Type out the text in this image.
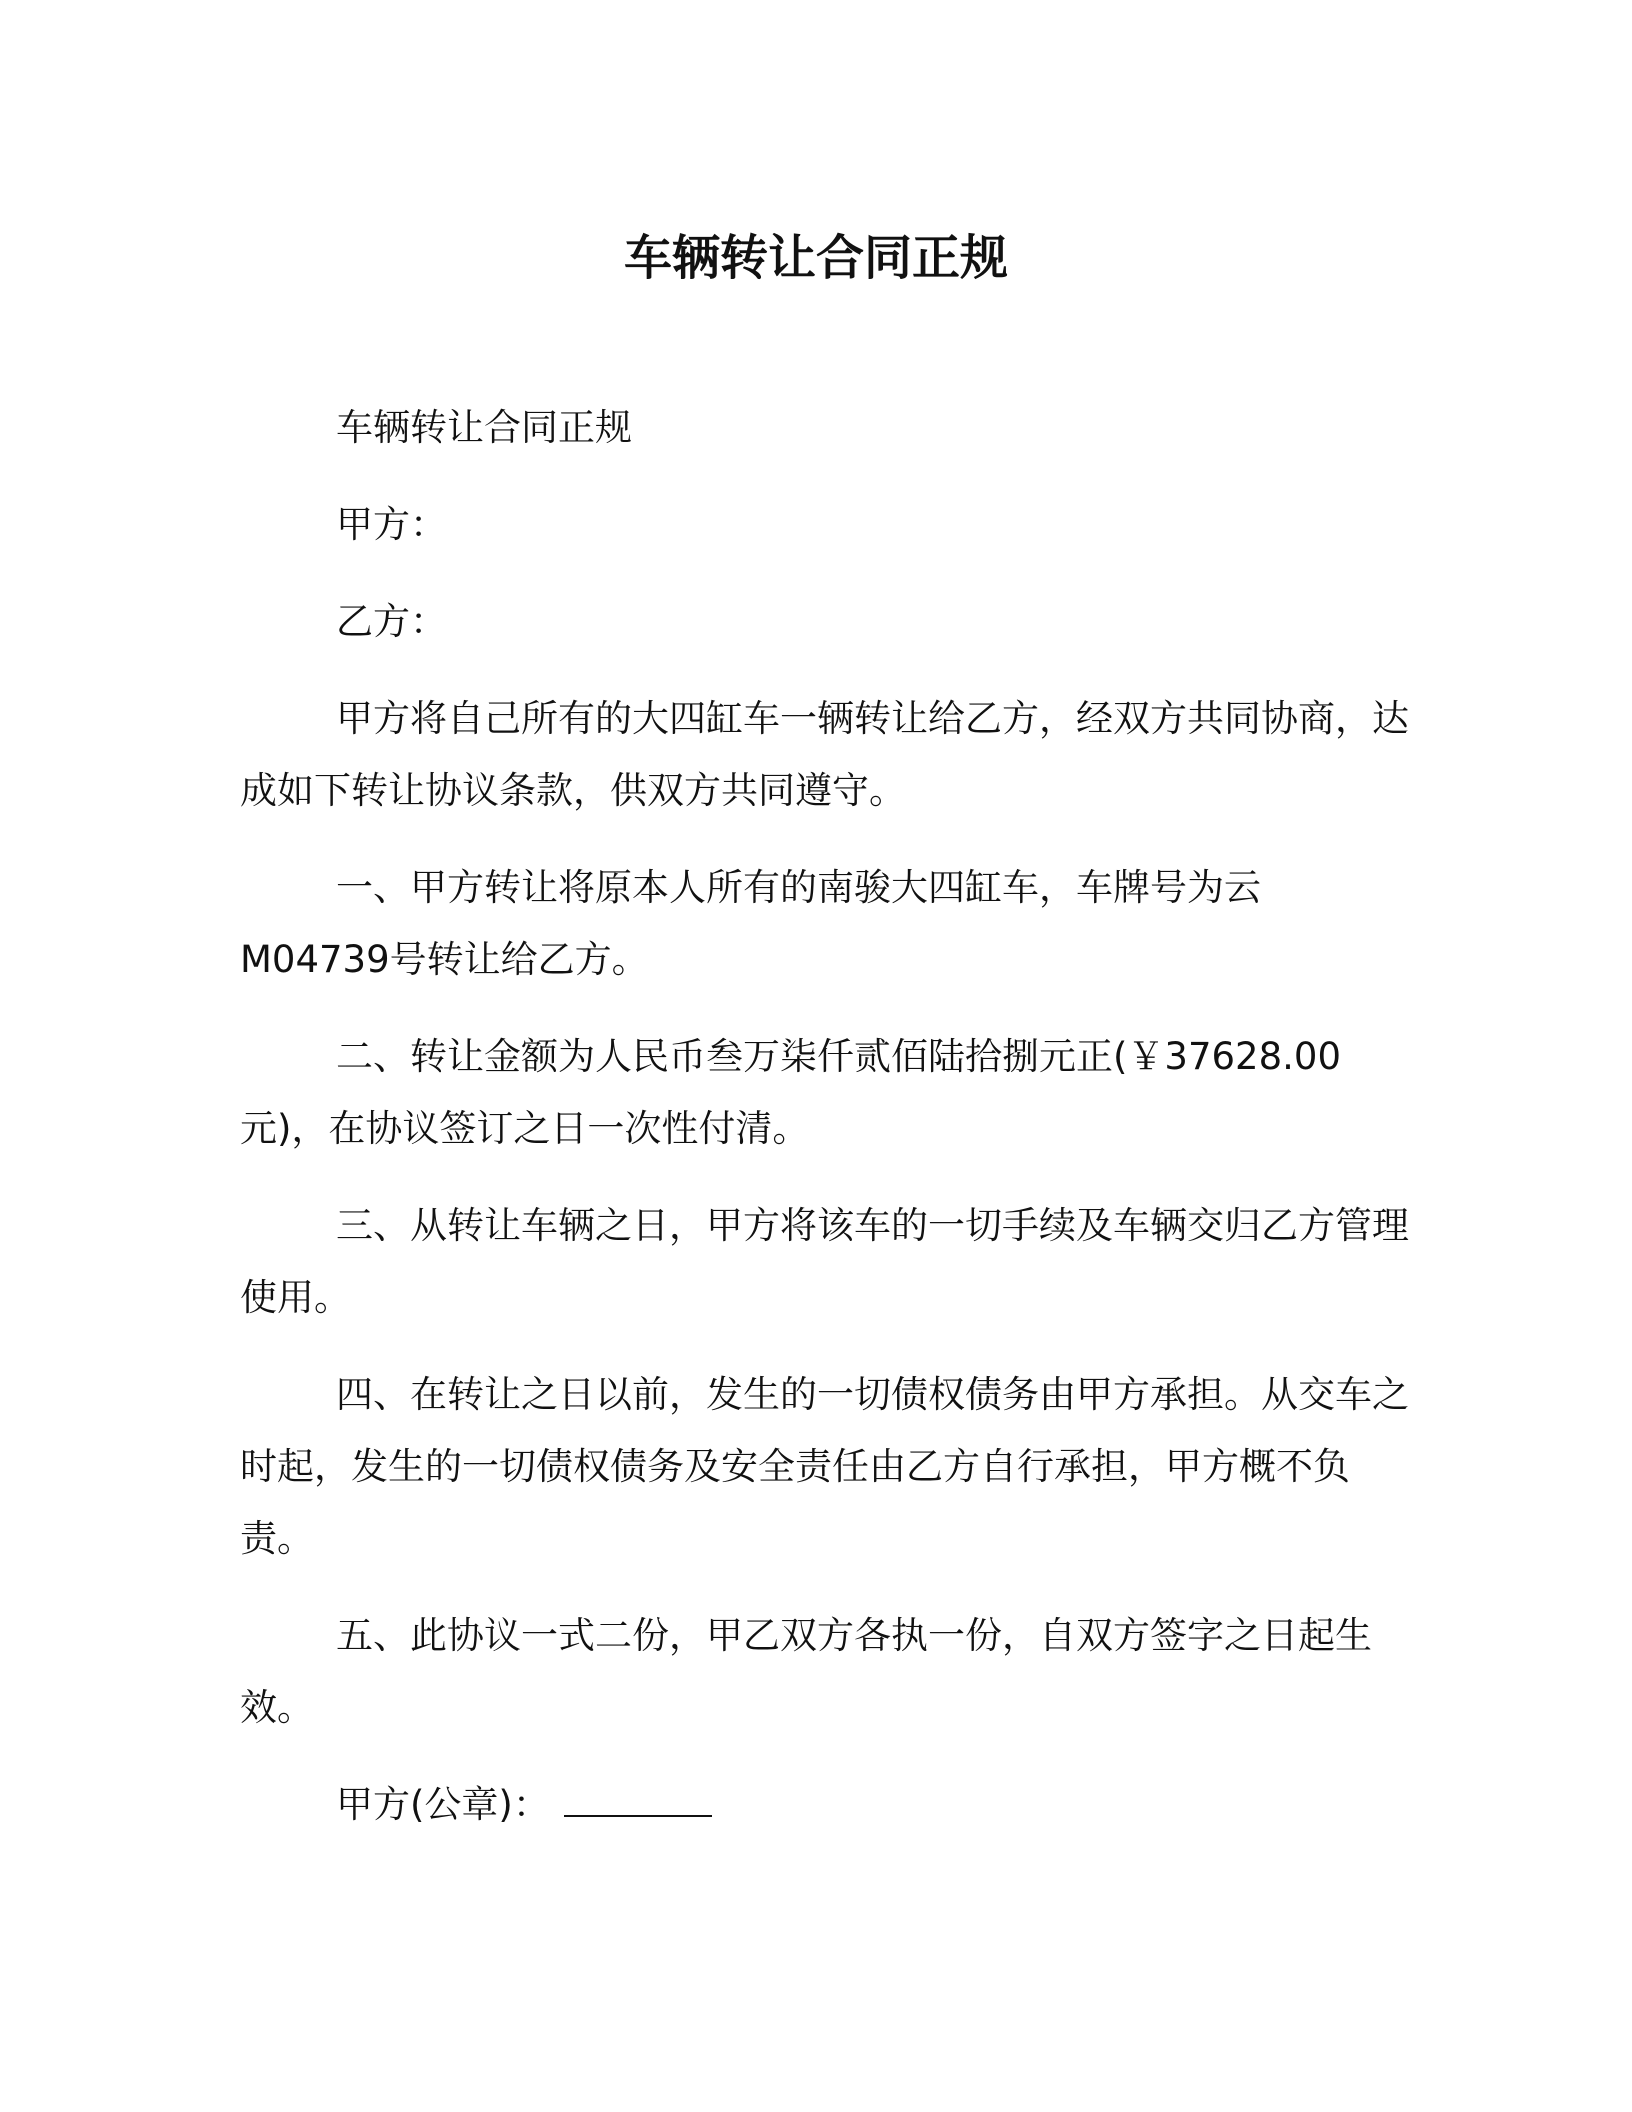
车辆转让合同正规

车辆转让合同正规

甲方：

乙方：

甲方将自己所有的大四缸车一辆转让给乙方，经双方共同协商，达成如下转让协议条款，供双方共同遵守。

一、甲方转让将原本人所有的南骏大四缸车，车牌号为云M04739号转让给乙方。

二、转让金额为人民币叁万柒仟贰佰陆拾捌元正(￥37628.00元)，在协议签订之日一次性付清。

三、从转让车辆之日，甲方将该车的一切手续及车辆交归乙方管理使用。

四、在转让之日以前，发生的一切债权债务由甲方承担。从交车之时起，发生的一切债权债务及安全责任由乙方自行承担，甲方概不负责。

五、此协议一式二份，甲乙双方各执一份，自双方签字之日起生效。

甲方(公章)：
